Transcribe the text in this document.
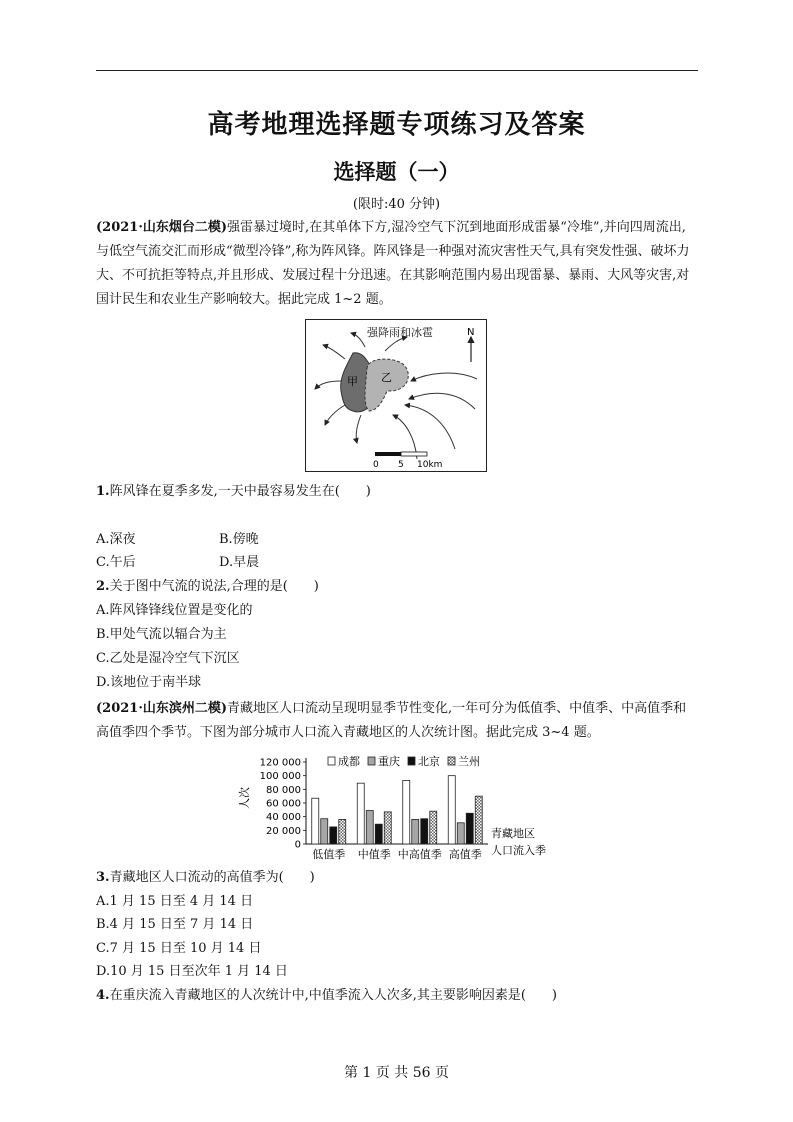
高考地理选择题专项练习及答案
选择题（一）
(限时:40 分钟)

(2021·山东烟台二模)强雷暴过境时,在其单体下方,湿冷空气下沉到地面形成雷暴“冷堆”,并向四周流出,与低空气流交汇而形成“微型冷锋”,称为阵风锋。阵风锋是一种强对流灾害性天气,具有突发性强、破坏力大、不可抗拒等特点,并且形成、发展过程十分迅速。在其影响范围内易出现雷暴、暴雨、大风等灾害,对国计民生和农业生产影响较大。据此完成 1~2 题。

强降雨和冰雹	N
甲 乙
0 5 10km
1.阵风锋在夏季多发,一天中最容易发生在(　　)
A.深夜	B.傍晚
C.午后	D.早晨
2.关于图中气流的说法,合理的是(　　)
A.阵风锋锋线位置是变化的
B.甲处气流以辐合为主
C.乙处是湿冷空气下沉区
D.该地位于南半球

(2021·山东滨州二模)青藏地区人口流动呈现明显季节性变化,一年可分为低值季、中值季、中高值季和高值季四个季节。下图为部分城市人口流入青藏地区的人次统计图。据此完成 3~4 题。

120 000
100 000
80 000
60 000
40 000
20 000
0
人次
低值季 中值季 中高值季 高值季
青藏地区
人口流入季
成都 重庆 北京 兰州
3.青藏地区人口流动的高值季为(　　)
A.1 月 15 日至 4 月 14 日
B.4 月 15 日至 7 月 14 日
C.7 月 15 日至 10 月 14 日
D.10 月 15 日至次年 1 月 14 日
4.在重庆流入青藏地区的人次统计中,中值季流入人次多,其主要影响因素是(　　)
第 1 页 共 56 页
